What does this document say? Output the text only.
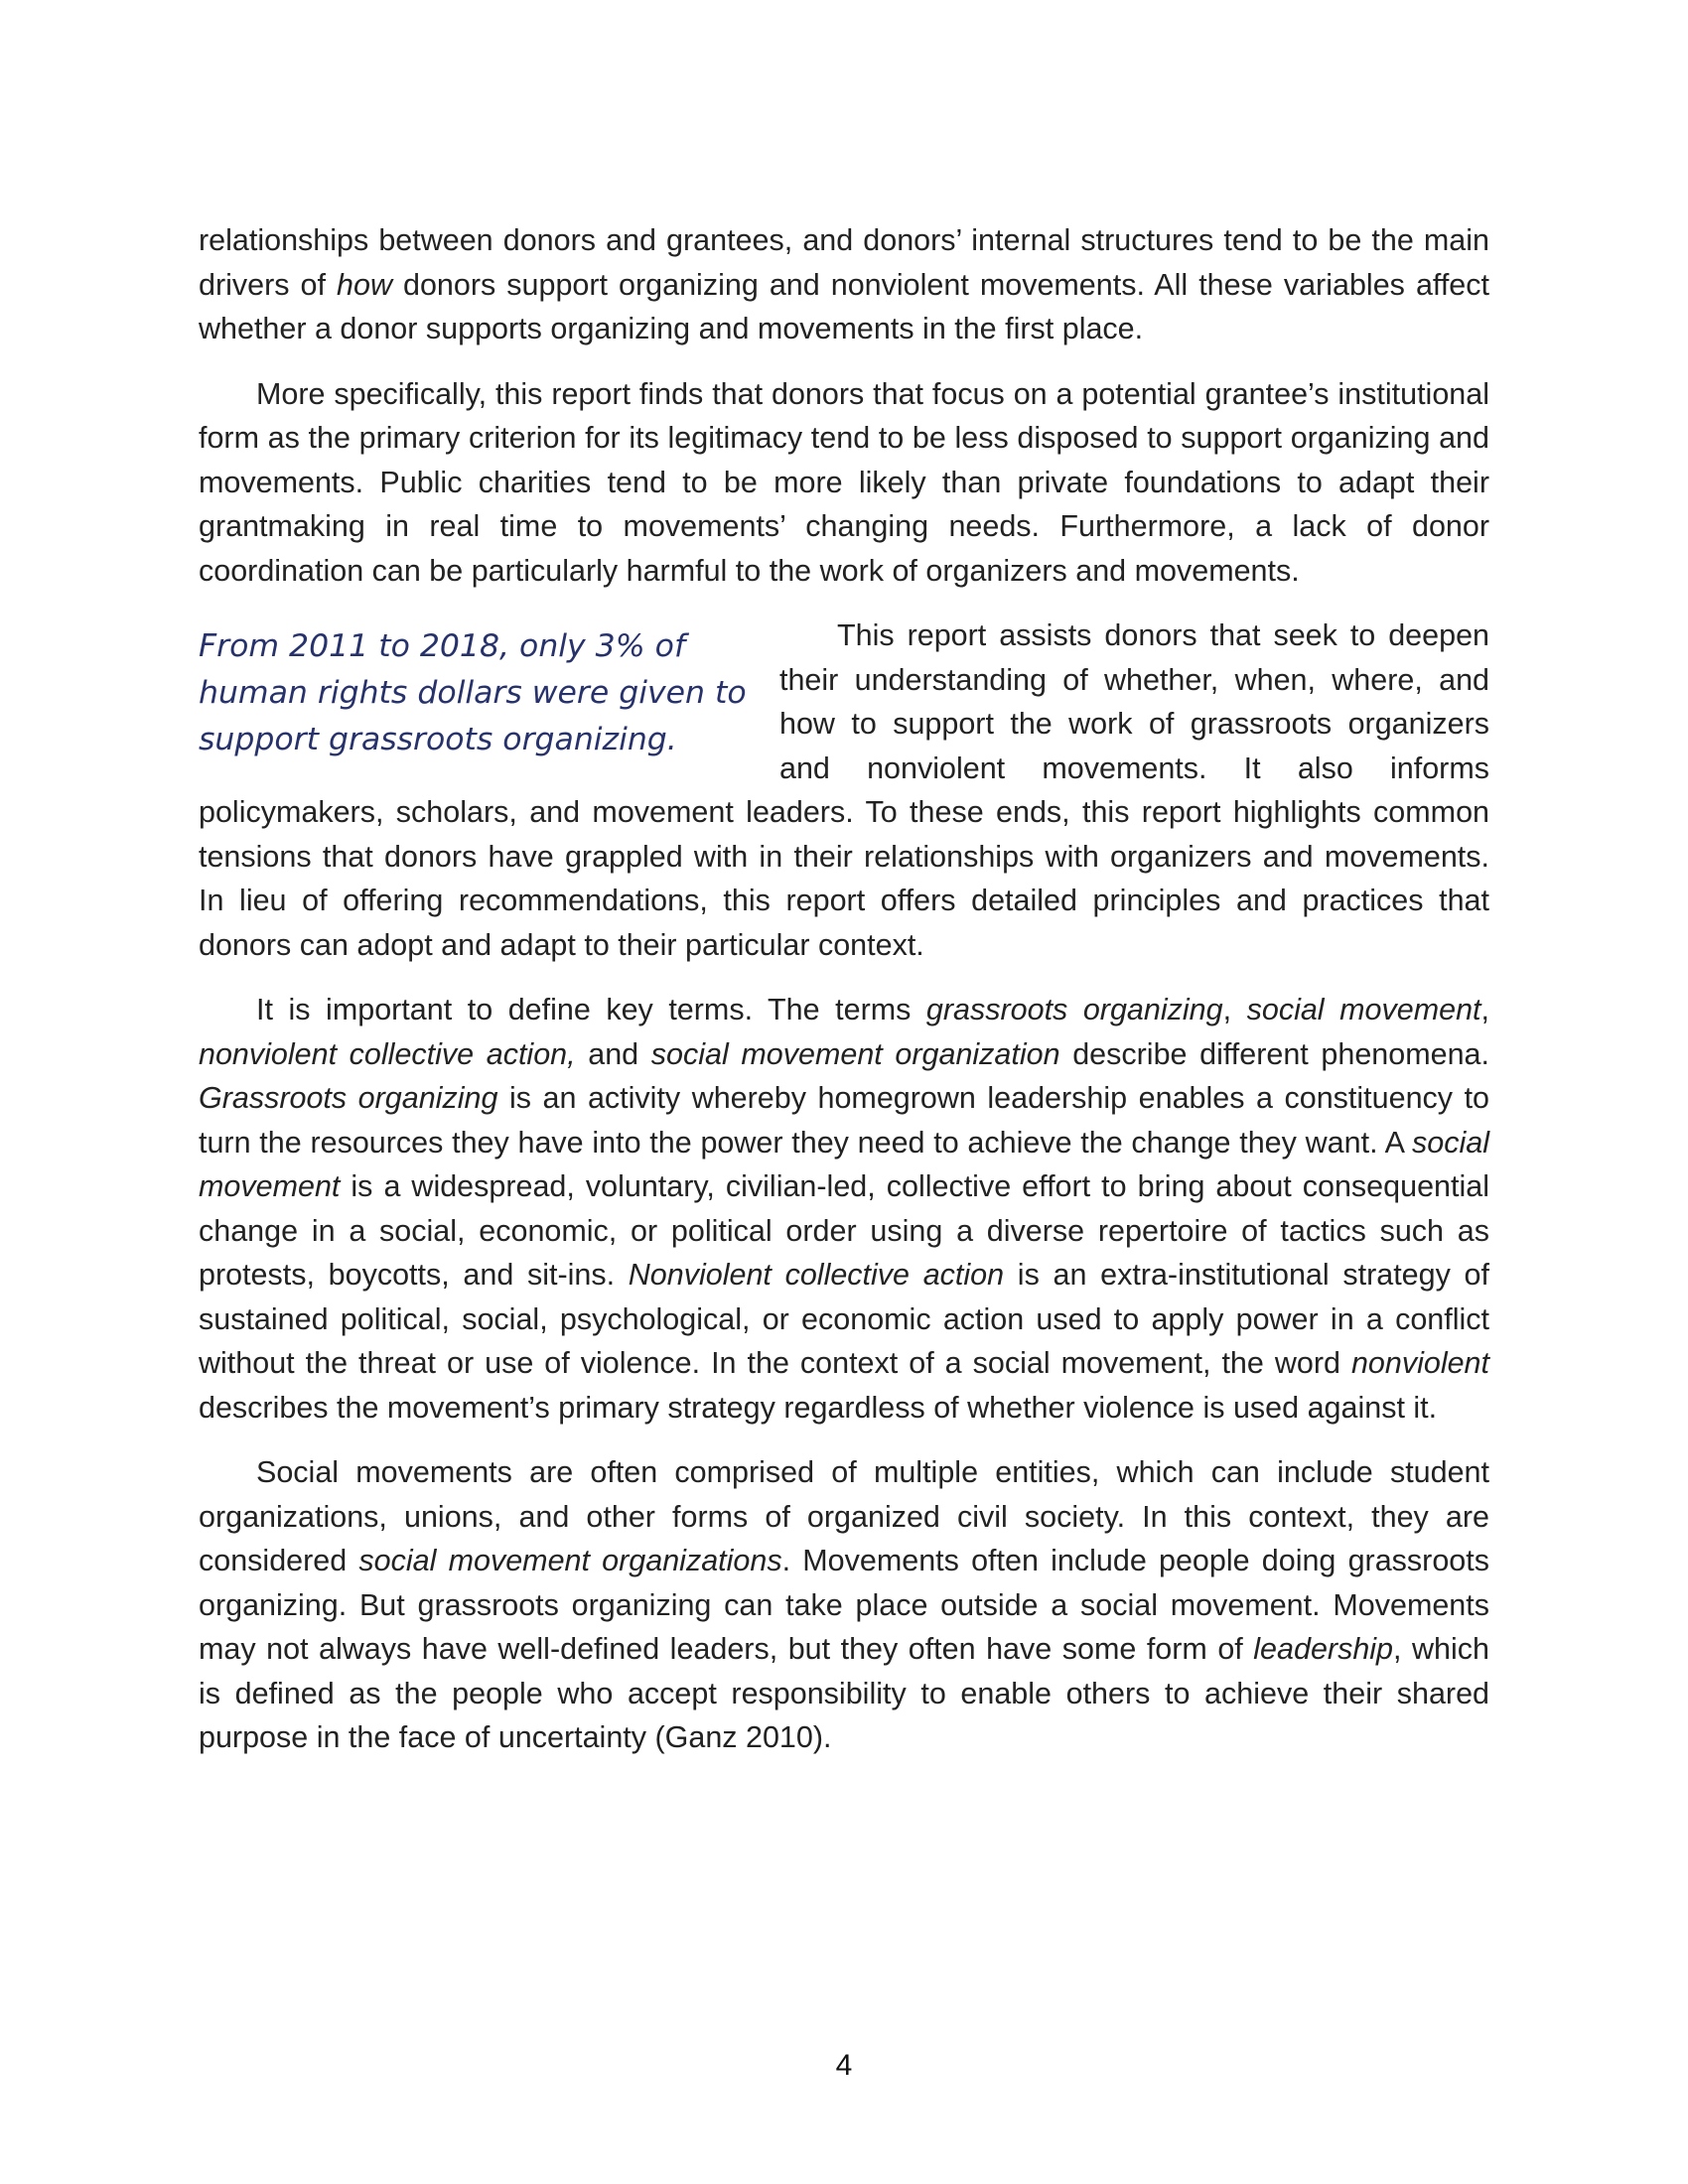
relationships between donors and grantees, and donors’ internal structures tend to be the main drivers of how donors support organizing and nonviolent movements. All these variables affect whether a donor supports organizing and movements in the first place.

More specifically, this report finds that donors that focus on a potential grantee’s institutional form as the primary criterion for its legitimacy tend to be less disposed to support organizing and movements. Public charities tend to be more likely than private foundations to adapt their grantmaking in real time to movements’ changing needs. Furthermore, a lack of donor coordination can be particularly harmful to the work of organizers and movements.

From 2011 to 2018, only 3% of
human rights dollars were given to
support grassroots organizing.

This report assists donors that seek to deepen their understanding of whether, when, where, and how to support the work of grassroots organizers and nonviolent movements. It also informs policymakers, scholars, and movement leaders. To these ends, this report highlights common tensions that donors have grappled with in their relationships with organizers and movements. In lieu of offering recommendations, this report offers detailed principles and practices that donors can adopt and adapt to their particular context.

It is important to define key terms. The terms grassroots organizing, social movement, nonviolent collective action, and social movement organization describe different phenomena. Grassroots organizing is an activity whereby homegrown leadership enables a constituency to turn the resources they have into the power they need to achieve the change they want. A social movement is a widespread, voluntary, civilian-led, collective effort to bring about consequential change in a social, economic, or political order using a diverse repertoire of tactics such as protests, boycotts, and sit-ins. Nonviolent collective action is an extra-institutional strategy of sustained political, social, psychological, or economic action used to apply power in a conflict without the threat or use of violence. In the context of a social movement, the word nonviolent describes the movement’s primary strategy regardless of whether violence is used against it.

Social movements are often comprised of multiple entities, which can include student organizations, unions, and other forms of organized civil society. In this context, they are considered social movement organizations. Movements often include people doing grassroots organizing. But grassroots organizing can take place outside a social movement. Movements may not always have well-defined leaders, but they often have some form of leadership, which is defined as the people who accept responsibility to enable others to achieve their shared purpose in the face of uncertainty (Ganz 2010).

4
